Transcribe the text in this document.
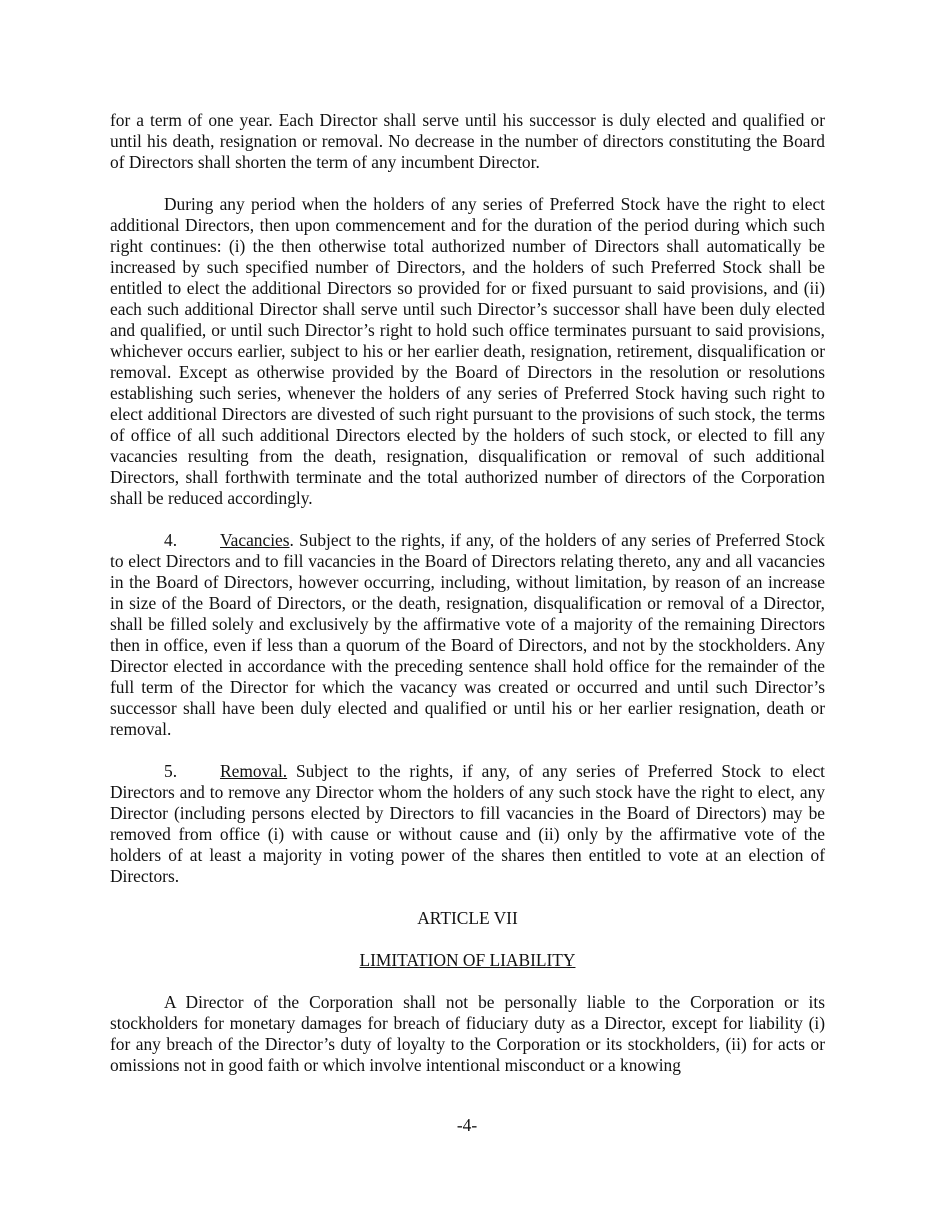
for a term of one year. Each Director shall serve until his successor is duly elected and qualified or until his death, resignation or removal. No decrease in the number of directors constituting the Board of Directors shall shorten the term of any incumbent Director.

During any period when the holders of any series of Preferred Stock have the right to elect additional Directors, then upon commencement and for the duration of the period during which such right continues: (i) the then otherwise total authorized number of Directors shall automatically be increased by such specified number of Directors, and the holders of such Preferred Stock shall be entitled to elect the additional Directors so provided for or fixed pursuant to said provisions, and (ii) each such additional Director shall serve until such Director’s successor shall have been duly elected and qualified, or until such Director’s right to hold such office terminates pursuant to said provisions, whichever occurs earlier, subject to his or her earlier death, resignation, retirement, disqualification or removal. Except as otherwise provided by the Board of Directors in the resolution or resolutions establishing such series, whenever the holders of any series of Preferred Stock having such right to elect additional Directors are divested of such right pursuant to the provisions of such stock, the terms of office of all such additional Directors elected by the holders of such stock, or elected to fill any vacancies resulting from the death, resignation, disqualification or removal of such additional Directors, shall forthwith terminate and the total authorized number of directors of the Corporation shall be reduced accordingly.

4. Vacancies. Subject to the rights, if any, of the holders of any series of Preferred Stock to elect Directors and to fill vacancies in the Board of Directors relating thereto, any and all vacancies in the Board of Directors, however occurring, including, without limitation, by reason of an increase in size of the Board of Directors, or the death, resignation, disqualification or removal of a Director, shall be filled solely and exclusively by the affirmative vote of a majority of the remaining Directors then in office, even if less than a quorum of the Board of Directors, and not by the stockholders. Any Director elected in accordance with the preceding sentence shall hold office for the remainder of the full term of the Director for which the vacancy was created or occurred and until such Director’s successor shall have been duly elected and qualified or until his or her earlier resignation, death or removal.

5. Removal. Subject to the rights, if any, of any series of Preferred Stock to elect Directors and to remove any Director whom the holders of any such stock have the right to elect, any Director (including persons elected by Directors to fill vacancies in the Board of Directors) may be removed from office (i) with cause or without cause and (ii) only by the affirmative vote of the holders of at least a majority in voting power of the shares then entitled to vote at an election of Directors.

ARTICLE VII

LIMITATION OF LIABILITY

A Director of the Corporation shall not be personally liable to the Corporation or its stockholders for monetary damages for breach of fiduciary duty as a Director, except for liability (i) for any breach of the Director’s duty of loyalty to the Corporation or its stockholders, (ii) for acts or omissions not in good faith or which involve intentional misconduct or a knowing

-4-
